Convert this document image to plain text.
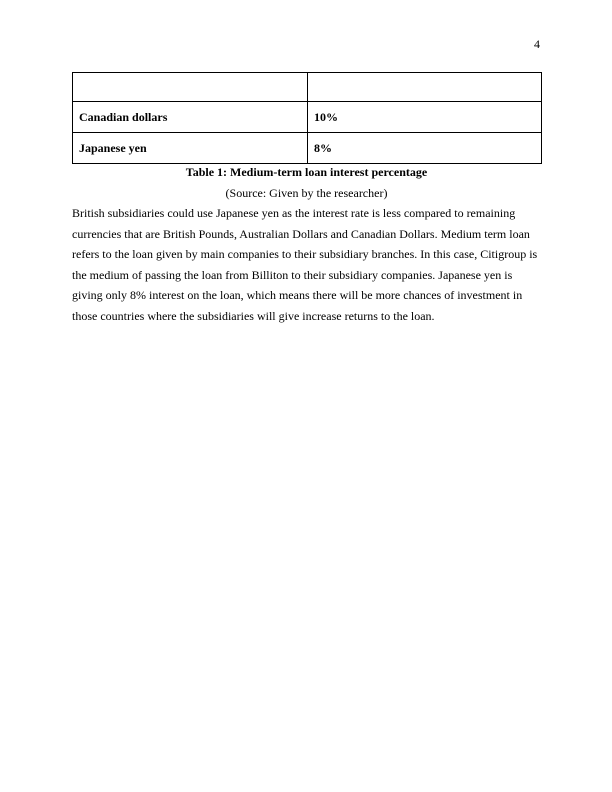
4

Canadian dollars	10%
Japanese yen	8%
Table 1: Medium-term loan interest percentage
(Source: Given by the researcher)

British subsidiaries could use Japanese yen as the interest rate is less compared to remaining
currencies that are British Pounds, Australian Dollars and Canadian Dollars. Medium term loan
refers to the loan given by main companies to their subsidiary branches. In this case, Citigroup is
the medium of passing the loan from Billiton to their subsidiary companies. Japanese yen is
giving only 8% interest on the loan, which means there will be more chances of investment in
those countries where the subsidiaries will give increase returns to the loan.
